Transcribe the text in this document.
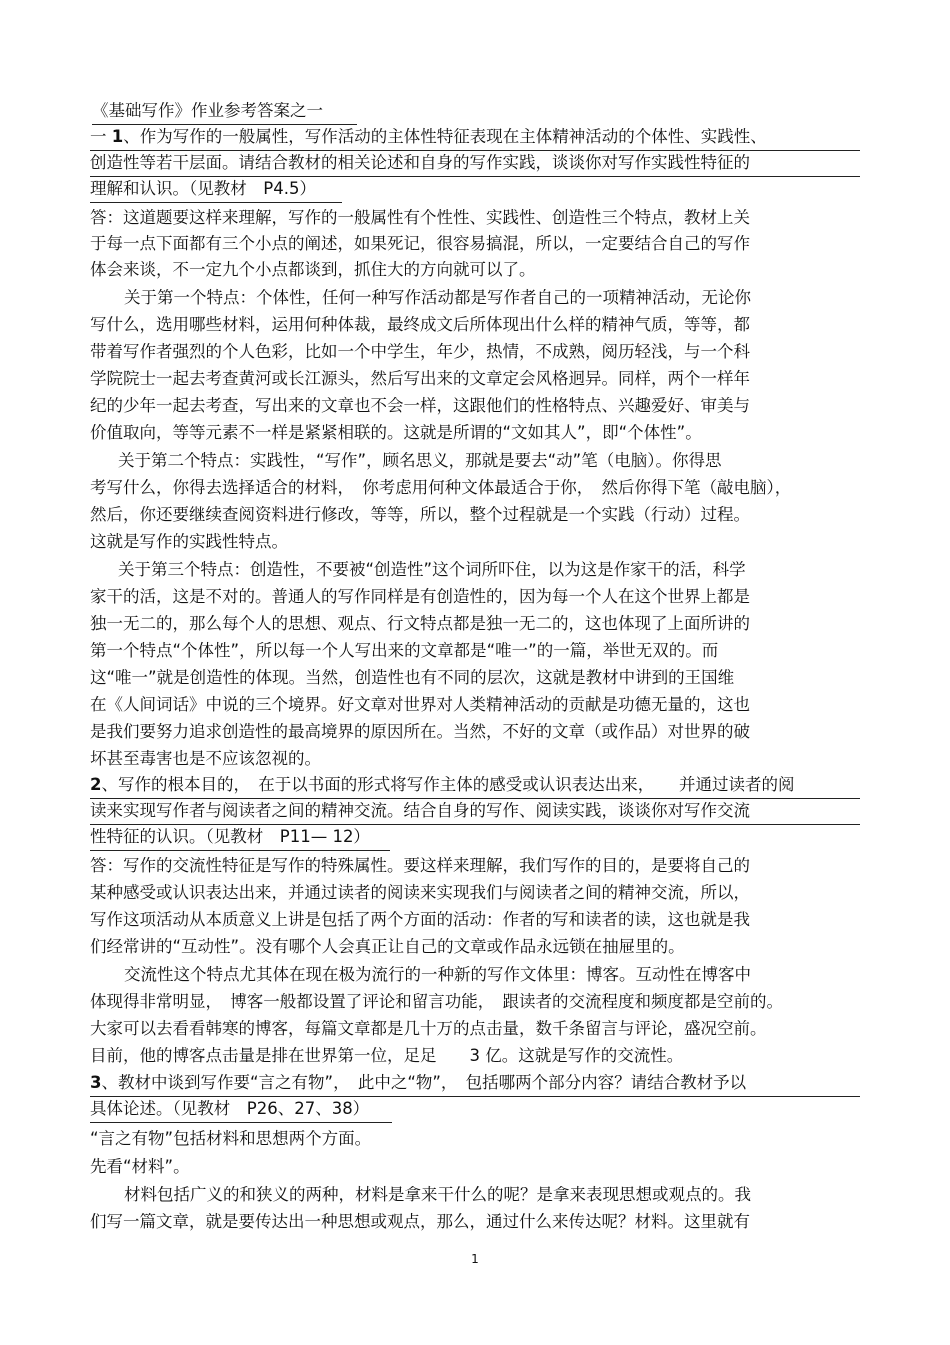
《基础写作》作业参考答案之一
一 1、作为写作的一般属性，写作活动的主体性特征表现在主体精神活动的个体性、实践性、
创造性等若干层面。请结合教材的相关论述和自身的写作实践，谈谈你对写作实践性特征的
理解和认识。（见教材　P4.5）
答：这道题要这样来理解，写作的一般属性有个性性、实践性、创造性三个特点，教材上关
于每一点下面都有三个小点的阐述，如果死记，很容易搞混，所以，一定要结合自己的写作
体会来谈，不一定九个小点都谈到，抓住大的方向就可以了。
关于第一个特点：个体性，任何一种写作活动都是写作者自己的一项精神活动，无论你
写什么，选用哪些材料，运用何种体裁，最终成文后所体现出什么样的精神气质，等等，都
带着写作者强烈的个人色彩，比如一个中学生，年少，热情，不成熟，阅历轻浅，与一个科
学院院士一起去考查黄河或长江源头，然后写出来的文章定会风格迥异。同样，两个一样年
纪的少年一起去考查，写出来的文章也不会一样，这跟他们的性格特点、兴趣爱好、审美与
价值取向，等等元素不一样是紧紧相联的。这就是所谓的“文如其人”，即“个体性”。
关于第二个特点：实践性，“写作”，顾名思义，那就是要去“动”笔（电脑）。你得思
考写什么，你得去选择适合的材料，　你考虑用何种文体最适合于你，　然后你得下笔（敲电脑），
然后，你还要继续查阅资料进行修改，等等，所以，整个过程就是一个实践（行动）过程。
这就是写作的实践性特点。
关于第三个特点：创造性，不要被“创造性”这个词所吓住，以为这是作家干的活，科学
家干的活，这是不对的。普通人的写作同样是有创造性的，因为每一个人在这个世界上都是
独一无二的，那么每个人的思想、观点、行文特点都是独一无二的，这也体现了上面所讲的
第一个特点“个体性”，所以每一个人写出来的文章都是“唯一”的一篇，举世无双的。而
这“唯一”就是创造性的体现。当然，创造性也有不同的层次，这就是教材中讲到的王国维
在《人间词话》中说的三个境界。好文章对世界对人类精神活动的贡献是功德无量的，这也
是我们要努力追求创造性的最高境界的原因所在。当然，不好的文章（或作品）对世界的破
坏甚至毒害也是不应该忽视的。
2、写作的根本目的，　在于以书面的形式将写作主体的感受或认识表达出来，　　并通过读者的阅
读来实现写作者与阅读者之间的精神交流。结合自身的写作、阅读实践，谈谈你对写作交流
性特征的认识。（见教材　P11— 12）
答：写作的交流性特征是写作的特殊属性。要这样来理解，我们写作的目的，是要将自己的
某种感受或认识表达出来，并通过读者的阅读来实现我们与阅读者之间的精神交流，所以，
写作这项活动从本质意义上讲是包括了两个方面的活动：作者的写和读者的读，这也就是我
们经常讲的“互动性”。没有哪个人会真正让自己的文章或作品永远锁在抽屉里的。
交流性这个特点尤其体在现在极为流行的一种新的写作文体里：博客。互动性在博客中
体现得非常明显，　博客一般都设置了评论和留言功能，　跟读者的交流程度和频度都是空前的。
大家可以去看看韩寒的博客，每篇文章都是几十万的点击量，数千条留言与评论，盛况空前。
目前，他的博客点击量是排在世界第一位，足足　　3 亿。这就是写作的交流性。
3、教材中谈到写作要“言之有物”，　此中之“物”，　包括哪两个部分内容？请结合教材予以
具体论述。（见教材　P26、27、38）
“言之有物”包括材料和思想两个方面。
先看“材料”。
材料包括广义的和狭义的两种，材料是拿来干什么的呢？是拿来表现思想或观点的。我
们写一篇文章，就是要传达出一种思想或观点，那么，通过什么来传达呢？材料。这里就有
1
